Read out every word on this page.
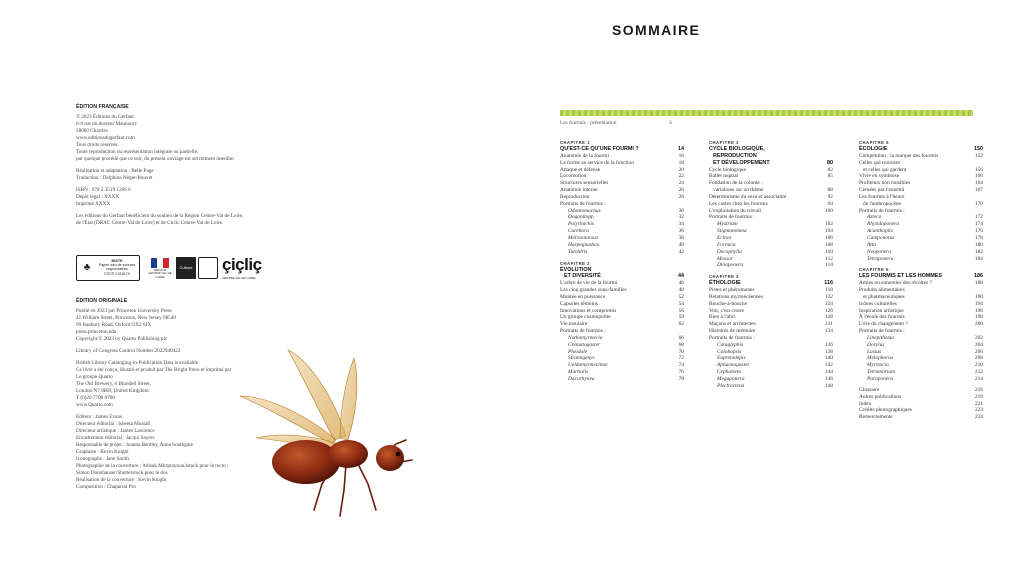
ÉDITION FRANÇAISE
© 2023 Éditions du Gerfaut
6-8 rue du docteur Maunoury
28000 Chartres
www.editionsdugerfaut.com
Tous droits réservés.
Toute reproduction ou représentation intégrale ou partielle,
par quelque procédé que ce soit, du présent ouvrage est strictement interdite.
Réalisation et adaptation : Belle Page
Traduction : Delphine Nègre-Bouvet
ISBN : 978 2 3519 1296 6
Dépôt légal : XXXX
Imprimé XXXX
Les éditions du Gerfaut bénéficient du soutien de la Région Centre-Val de Loire,
de l'État (DRAC Centre-Val de Loire) et de Ciclic Centre-Val de Loire.
♣
MIXTE
Papier issu de sources responsables
FSC® C018179
RÉGION CENTRE VAL DE LOIRE
Culture çiçliç
CENTRE-VAL DE LOIRE
ÉDITION ORIGINALE
Publié en 2023 par Princeton University Press
41 William Street, Princeton, New Jersey 08540
99 Banbury Road, Oxford OX2 6JX
press.princeton.edu
Copyright © 2023 by Quarto Publishing plc
Library of Congress Control Number 2022940422
British Library Cataloging-in-Publication Data is available
Ce livre a été conçu, illustré et produit par The Bright Press et imprimé par
Le groupe Quarto
The Old Brewery, 6 Blundell Street,
London N7 9BH, United Kingdom.
T (0)20 7700 6700
www.Quarto.com
Éditeur : James Evans
Directeur éditorial : Isheeta Mustafi
Directeur artistique : James Lawrence
Encadrement éditorial : Jacqui Sayers
Responsable de projet : Joanna Bentley, Anna Southgate
Graphiste : Kevin Knight
Iconographe : Jane Smith
Photographie de la couverture : Adisak Mitrprayoon/istock pour le recto ;
Simon Donnhauser/Shutterstock pour le dos
Réalisation de la couverture : Kevin Knight
Composition : Chaparral Pro
SOMMAIRE
Les fourmis : présentation	6
CHAPITRE 1
QU'EST-CE QU'UNE FOURMI ?	14
Anatomie de la fourmi	16
La forme au service de la fonction	18
Attaque et défense	20
Locomotion	22
Structures sensorielles	24
Anatomie interne	26
Reproduction	26
Portraits de fourmis :
Odontomachus	30
Ooganitopp	32
Polyrhachis	34
Carebara	36
Melissotarsus	38
Harpegnathos	40
Tatoidris	42
CHAPITRE 2
ÉVOLUTION
ET DIVERSITÉ	44
L'arbre de vie de la fourmi	46
Les cinq grandes sous-familles	48
Montée en puissance	52
Capsules témoins	54
Innovations et compromis	56
Un groupe cosmopolite	59
Vie insulaire	62
Portraits de fourmis :
Nothomyrmecia	66
Crematogaster	68
Pheidole	70
Strumigenys	72
Ueldomyrmecinae	74
Martialis	76
Dacorhynea	78
CHAPITRE 3
CYCLE BIOLOGIQUE,
REPRODUCTION
ET DÉVELOPPEMENT	80
Cycle biologique	82
Ballet nuptial	85
Fondation de la colonie :
variations sur un thème	88
Déterminisme du sexe et associalité	92
Les castes chez les fourmis	94
L'exploitation du travail	100
Portraits de fourmis :
Mystrium	102
Stigmatomma	104
Eciton	106
Formica	108
Oecophylla	110
Messor	112
Dinoponera	114
CHAPITRE 4
ÉTHOLOGIE	116
Pistes et phéromones	118
Relations myrmécéennes	122
Bouche-à-bouche	124
Voir, c'est croire	126
Bien à l'abri	128
Maçons et architectes	131
Histoires de mémoire	134
Portraits de fourmis :
Cataglyphis	136
Colobopsis	138
Euprenolepis	140
Aphaenogaster	142
Cephalotes	144
Megaponera	146
Plectroctena	148
CHAPITRE 5
ÉCOLOGIE	150
Compétition : la marque des fourmis	152
Celles qui trouvent
et celles qui gardent	156
Vivre en symbiose	160
Profiteurs non nuisibles	164
Cernées par l'ennemi	167
Les fourmis à l'heure
de l'anthropocène	170
Portraits de fourmis :
Azteca	172
Rhytidoponera	174
Acanthoptis	176
Camponotus	178
Atta	180
Neoponera	182
Tetraponera	184
CHAPITRE 6
LES FOURMIS ET LES HOMMES	186
Amies ou ennemies des récoltes ?	188
Produits alimentaires
et pharmaceutiques	190
Icônes culturelles	194
Inspiration artistique	196
À l'école des fourmis	198
L'ère du changement ?	200
Portraits de fourmis :
Linepithema	202
Dorylus	204
Lasius	206
Melophorus	208
Myrmecia	210
Tetramorium	212
Paraponera	214
Glossaire	216
Autres publications	219
Index	221
Crédits photographiques	223
Remerciements	224
